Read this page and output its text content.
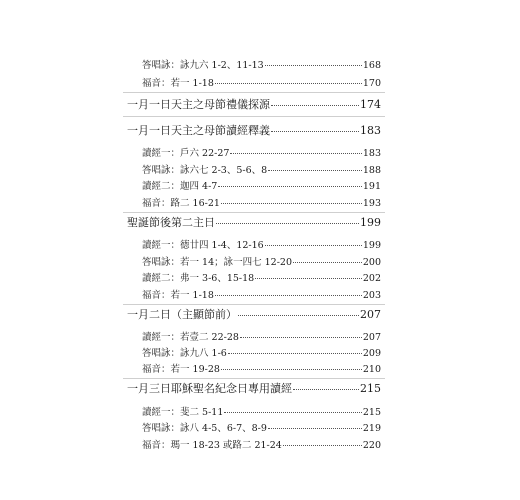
答唱詠：詠九六 1-2、11-13	168
福音：若一 1-18	170
一月一日天主之母節禮儀探源	174
一月一日天主之母節讀經釋義	183
讀經一：戶六 22-27	183
答唱詠：詠六七 2-3、5-6、8	188
讀經二：迦四 4-7	191
福音：路二 16-21	193
聖誕節後第二主日	199
讀經一：德廿四 1-4、12-16	199
答唱詠：若一 14；詠一四七 12-20	200
讀經二：弗一 3-6、15-18	202
福音：若一 1-18	203
一月二日（主顯節前）	207
讀經一：若壹二 22-28	207
答唱詠：詠九八 1-6	209
福音：若一 19-28	210
一月三日耶穌聖名紀念日專用讀經	215
讀經一：斐二 5-11	215
答唱詠：詠八 4-5、6-7、8-9	219
福音：瑪一 18-23 或路二 21-24	220
